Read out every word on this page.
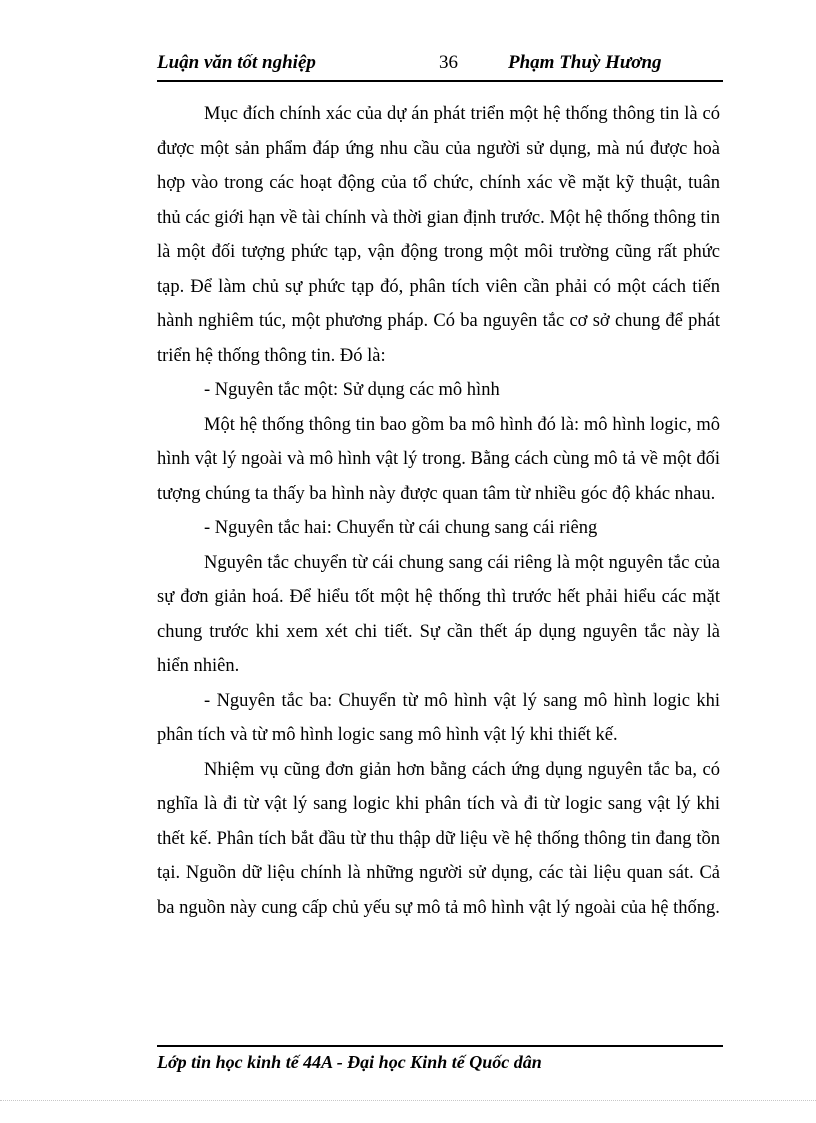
Luận văn tốt nghiệp	36	Phạm Thuỳ Hương

Mục đích chính xác của dự án phát triển một hệ thống thông tin là có được một sản phẩm đáp ứng nhu cầu của người sử dụng, mà nú được hoà hợp vào trong các hoạt động của tổ chức, chính xác về mặt kỹ thuật, tuân thủ các giới hạn về tài chính và thời gian định trước. Một hệ thống thông tin là một đối tượng phức tạp, vận động trong một môi trường cũng rất phức tạp. Để làm chủ sự phức tạp đó, phân tích viên cần phải có một cách tiến hành nghiêm túc, một phương pháp. Có ba nguyên tắc cơ sở chung để phát triển hệ thống thông tin. Đó là:

- Nguyên tắc một: Sử dụng các mô hình

Một hệ thống thông tin bao gồm ba mô hình đó là: mô hình logic, mô hình vật lý ngoài và mô hình vật lý trong. Bằng cách cùng mô tả về một đối tượng chúng ta thấy ba hình này được quan tâm từ nhiều góc độ khác nhau.

- Nguyên tắc hai: Chuyển từ cái chung sang cái riêng

Nguyên tắc chuyển từ cái chung sang cái riêng là một nguyên tắc của sự đơn giản hoá. Để hiểu tốt một hệ thống thì trước hết phải hiểu các mặt chung trước khi xem xét chi tiết. Sự cần thết áp dụng nguyên tắc này là hiển nhiên.

- Nguyên tắc ba: Chuyển từ mô hình vật lý sang mô hình logic khi phân tích và từ mô hình logic sang mô hình vật lý khi thiết kế.

Nhiệm vụ cũng đơn giản hơn bằng cách ứng dụng nguyên tắc ba, có nghĩa là đi từ vật lý sang logic khi phân tích và đi từ logic sang vật lý khi thết kế. Phân tích bắt đầu từ thu thập dữ liệu về hệ thống thông tin đang tồn tại. Nguồn dữ liệu chính là những người sử dụng, các tài liệu quan sát. Cả ba nguồn này cung cấp chủ yếu sự mô tả mô hình vật lý ngoài của hệ thống.

Lớp tin học kinh tế 44A - Đại học Kinh tế Quốc dân
